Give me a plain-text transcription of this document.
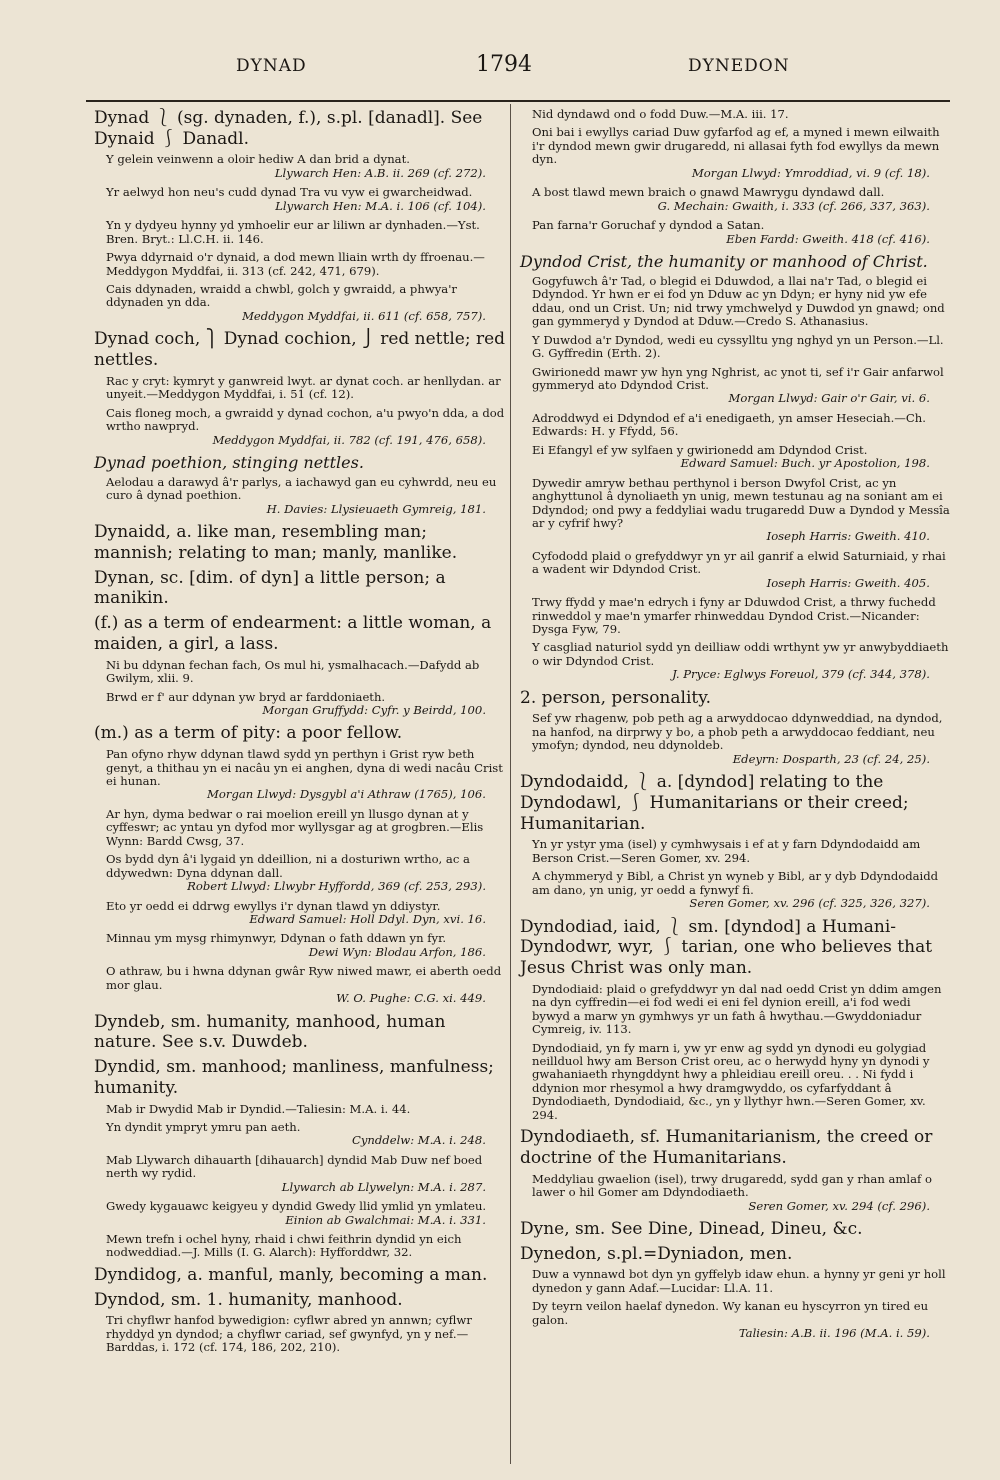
DYNAD	1794	DYNEDON

Dynad ⎱ (sg. dynaden, f.), s.pl. [danadl]. See Dynaid ⎰ Danadl.

Y gelein veinwenn a oloir hediw A dan brid a dynat.

Llywarch Hen: A.B. ii. 269 (cf. 272).

Yr aelwyd hon neu's cudd dynad Tra vu vyw ei gwarcheidwad.

Llywarch Hen: M.A. i. 106 (cf. 104).

Yn y dydyeu hynny yd ymhoelir eur ar liliwn ar dynhaden.—Yst. Bren. Bryt.: Ll.C.H. ii. 146.

Pwya ddyrnaid o'r dynaid, a dod mewn lliain wrth dy ffroenau.—Meddygon Myddfai, ii. 313 (cf. 242, 471, 679).

Cais ddynaden, wraidd a chwbl, golch y gwraidd, a phwya'r ddynaden yn dda.

Meddygon Myddfai, ii. 611 (cf. 658, 757).

Dynad coch, ⎫ Dynad cochion, ⎭ red nettle; red nettles.

Rac y cryt: kymryt y ganwreid lwyt. ar dynat coch. ar henllydan. ar unyeit.—Meddygon Myddfai, i. 51 (cf. 12).

Cais floneg moch, a gwraidd y dynad cochon, a'u pwyo'n dda, a dod wrtho nawpryd.

Meddygon Myddfai, ii. 782 (cf. 191, 476, 658).

Dynad poethion, stinging nettles.

Aelodau a darawyd â'r parlys, a iachawyd gan eu cyhwrdd, neu eu curo â dynad poethion.

H. Davies: Llysieuaeth Gymreig, 181.

Dynaidd, a. like man, resembling man; mannish; relating to man; manly, manlike.

Dynan, sc. [dim. of dyn] a little person; a manikin.

(f.) as a term of endearment: a little woman, a maiden, a girl, a lass.

Ni bu ddynan fechan fach, Os mul hi, ysmalhacach.—Dafydd ab Gwilym, xlii. 9.

Brwd er f' aur ddynan yw bryd ar farddoniaeth.

Morgan Gruffydd: Cyfr. y Beirdd, 100.

(m.) as a term of pity: a poor fellow.

Pan ofyno rhyw ddynan tlawd sydd yn perthyn i Grist ryw beth genyt, a thithau yn ei nacâu yn ei anghen, dyna di wedi nacâu Crist ei hunan.

Morgan Llwyd: Dysgybl a'i Athraw (1765), 106.

Ar hyn, dyma bedwar o rai moelion ereill yn llusgo dynan at y cyffeswr; ac yntau yn dyfod mor wyllysgar ag at grogbren.—Elis Wynn: Bardd Cwsg, 37.

Os bydd dyn â'i lygaid yn ddeillion, ni a dosturiwn wrtho, ac a ddywedwn: Dyna ddynan dall.

Robert Llwyd: Llwybr Hyffordd, 369 (cf. 253, 293).

Eto yr oedd ei ddrwg ewyllys i'r dynan tlawd yn ddiystyr.

Edward Samuel: Holl Ddyl. Dyn, xvi. 16.

Minnau ym mysg rhimynwyr, Ddynan o fath ddawn yn fyr.

Dewi Wyn: Blodau Arfon, 186.

O athraw, bu i hwna ddynan gwâr Ryw niwed mawr, ei aberth oedd mor glau.

W. O. Pughe: C.G. xi. 449.

Dyndeb, sm. humanity, manhood, human nature. See s.v. Duwdeb.

Dyndid, sm. manhood; manliness, manfulness; humanity.

Mab ir Dwydid Mab ir Dyndid.—Taliesin: M.A. i. 44.

Yn dyndit ympryt ymru pan aeth.

Cynddelw: M.A. i. 248.

Mab Llywarch dihauarth [dihauarch] dyndid Mab Duw nef boed nerth wy rydid.

Llywarch ab Llywelyn: M.A. i. 287.

Gwedy kygauawc keigyeu y dyndid Gwedy llid ymlid yn ymlateu.

Einion ab Gwalchmai: M.A. i. 331.

Mewn trefn i ochel hyny, rhaid i chwi feithrin dyndid yn eich nodweddiad.—J. Mills (I. G. Alarch): Hyfforddwr, 32.

Dyndidog, a. manful, manly, becoming a man.

Dyndod, sm. 1. humanity, manhood.

Tri chyflwr hanfod bywedigion: cyflwr abred yn annwn; cyflwr rhyddyd yn dyndod; a chyflwr cariad, sef gwynfyd, yn y nef.—Barddas, i. 172 (cf. 174, 186, 202, 210).

Nid dyndawd ond o fodd Duw.—M.A. iii. 17.

Oni bai i ewyllys cariad Duw gyfarfod ag ef, a myned i mewn eilwaith i'r dyndod mewn gwir drugaredd, ni allasai fyth fod ewyllys da mewn dyn.

Morgan Llwyd: Ymroddiad, vi. 9 (cf. 18).

A bost tlawd mewn braich o gnawd Mawrygu dyndawd dall.

G. Mechain: Gwaith, i. 333 (cf. 266, 337, 363).

Pan farna'r Goruchaf y dyndod a Satan.

Eben Fardd: Gweith. 418 (cf. 416).

Dyndod Crist, the humanity or manhood of Christ.

Gogyfuwch â'r Tad, o blegid ei Dduwdod, a llai na'r Tad, o blegid ei Ddyndod. Yr hwn er ei fod yn Dduw ac yn Ddyn; er hyny nid yw efe ddau, ond un Crist. Un; nid trwy ymchwelyd y Duwdod yn gnawd; ond gan gymmeryd y Dyndod at Dduw.—Credo S. Athanasius.

Y Duwdod a'r Dyndod, wedi eu cyssylltu yng nghyd yn un Person.—Ll. G. Gyffredin (Erth. 2).

Gwirionedd mawr yw hyn yng Nghrist, ac ynot ti, sef i'r Gair anfarwol gymmeryd ato Ddyndod Crist.

Morgan Llwyd: Gair o'r Gair, vi. 6.

Adroddwyd ei Ddyndod ef a'i enedigaeth, yn amser Heseciah.—Ch. Edwards: H. y Ffydd, 56.

Ei Efangyl ef yw sylfaen y gwirionedd am Ddyndod Crist.

Edward Samuel: Buch. yr Apostolion, 198.

Dywedir amryw bethau perthynol i berson Dwyfol Crist, ac yn anghyttunol â dynoliaeth yn unig, mewn testunau ag na soniant am ei Ddyndod; ond pwy a feddyliai wadu trugaredd Duw a Dyndod y Messîa ar y cyfrif hwy?

Ioseph Harris: Gweith. 410.

Cyfododd plaid o grefyddwyr yn yr ail ganrif a elwid Saturniaid, y rhai a wadent wir Ddyndod Crist.

Ioseph Harris: Gweith. 405.

Trwy ffydd y mae'n edrych i fyny ar Dduwdod Crist, a thrwy fuchedd rinweddol y mae'n ymarfer rhinweddau Dyndod Crist.—Nicander: Dysga Fyw, 79.

Y casgliad naturiol sydd yn deilliaw oddi wrthynt yw yr anwybyddiaeth o wir Ddyndod Crist.

J. Pryce: Eglwys Foreuol, 379 (cf. 344, 378).

2. person, personality.

Sef yw rhagenw, pob peth ag a arwyddocao ddynweddiad, na dyndod, na hanfod, na dirprwy y bo, a phob peth a arwyddocao feddiant, neu ymofyn; dyndod, neu ddynoldeb.

Edeyrn: Dosparth, 23 (cf. 24, 25).

Dyndodaidd, ⎱ a. [dyndod] relating to the Dyndodawl, ⎰ Humanitarians or their creed; Humanitarian.

Yn yr ystyr yma (isel) y cymhwysais i ef at y farn Ddyndodaidd am Berson Crist.—Seren Gomer, xv. 294.

A chymmeryd y Bibl, a Christ yn wyneb y Bibl, ar y dyb Ddyndodaidd am dano, yn unig, yr oedd a fynwyf fi.

Seren Gomer, xv. 296 (cf. 325, 326, 327).

Dyndodiad, iaid, ⎱ sm. [dyndod] a Humani- Dyndodwr, wyr, ⎰ tarian, one who believes that Jesus Christ was only man.

Dyndodiaid: plaid o grefyddwyr yn dal nad oedd Crist yn ddim amgen na dyn cyffredin—ei fod wedi ei eni fel dynion ereill, a'i fod wedi bywyd a marw yn gymhwys yr un fath â hwythau.—Gwyddoniadur Cymreig, iv. 113.

Dyndodiaid, yn fy marn i, yw yr enw ag sydd yn dynodi eu golygiad neillduol hwy am Berson Crist oreu, ac o herwydd hyny yn dynodi y gwahaniaeth rhyngddynt hwy a phleidiau ereill oreu. . . Ni fydd i ddynion mor rhesymol a hwy dramgwyddo, os cyfarfyddant â Dyndodiaeth, Dyndodiaid, &c., yn y llythyr hwn.—Seren Gomer, xv. 294.

Dyndodiaeth, sf. Humanitarianism, the creed or doctrine of the Humanitarians.

Meddyliau gwaelion (isel), trwy drugaredd, sydd gan y rhan amlaf o lawer o hil Gomer am Ddyndodiaeth.

Seren Gomer, xv. 294 (cf. 296).

Dyne, sm. See Dine, Dinead, Dineu, &c.

Dynedon, s.pl.=Dyniadon, men.

Duw a vynnawd bot dyn yn gyffelyb idaw ehun. a hynny yr geni yr holl dynedon y gann Adaf.—Lucidar: Ll.A. 11.

Dy teyrn veilon haelaf dynedon. Wy kanan eu hyscyrron yn tired eu galon.

Taliesin: A.B. ii. 196 (M.A. i. 59).
